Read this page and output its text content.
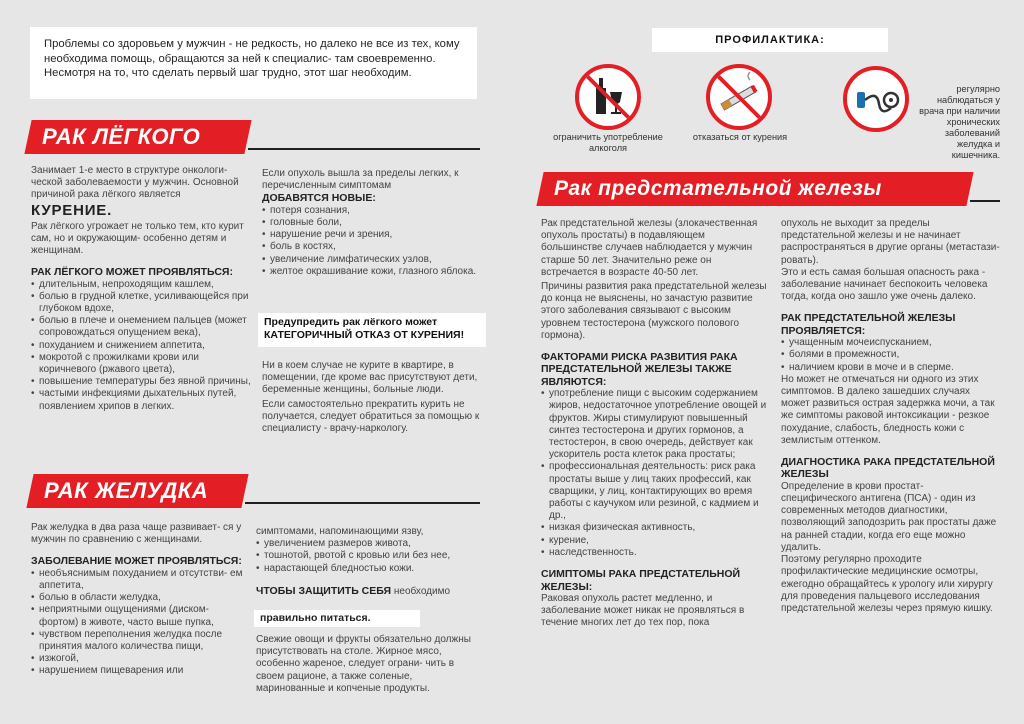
Проблемы со здоровьем у мужчин - не редкость, но далеко не все из тех, кому необходима помощь, обращаются за ней к специалис- там своевременно. Несмотря на то, что сделать первый шаг трудно, этот шаг необходим.

ПРОФИЛАКТИКА:
ограничить употребление алкоголя
отказаться от курения
регулярно наблюдаться у врача при наличии хронических заболеваний желудка и кишечника.
РАК ЛЁГКОГО

Занимает 1-е место в структуре онкологи- ческой заболеваемости у мужчин. Основной причиной рака лёгкого является

КУРЕНИЕ.

Рак лёгкого угрожает не только тем, кто курит сам, но и окружающим- особенно детям и женщинам.

РАК ЛЁГКОГО МОЖЕТ ПРОЯВЛЯТЬСЯ:

• длительным, непроходящим кашлем,

• болью в грудной клетке, усиливающейся при глубоком вдохе,

• болью в плече и онемением пальцев (может сопровождаться опущением века),

• похуданием и снижением аппетита,

• мокротой с прожилками крови или коричневого (ржавого цвета),

• повышение температуры без явной причины,

• частыми инфекциями дыхательных путей, появлением хрипов в легких.

Если опухоль вышла за пределы легких, к перечисленным симптомам

ДОБАВЯТСЯ НОВЫЕ:

• потеря сознания,

• головные боли,

• нарушение речи и зрения,

• боль в костях,

• увеличение лимфатических узлов,

• желтое окрашивание кожи, глазного яблока.

Предупредить рак лёгкого может

КАТЕГОРИЧНЫЙ ОТКАЗ ОТ КУРЕНИЯ!

Ни в коем случае не курите в квартире, в помещении, где кроме вас присутствуют дети, беременные женщины, больные люди.

Если самостоятельно прекратить курить не получается, следует обратиться за помощью к специалисту - врачу-наркологу.

РАК ЖЕЛУДКА

Рак желудка в два раза чаще развивает- ся у мужчин по сравнению с женщинами.

ЗАБОЛЕВАНИЕ МОЖЕТ ПРОЯВЛЯТЬСЯ:

• необъяснимым похуданием и отсутстви- ем аппетита,

• болью в области желудка,

• неприятными ощущениями (диском- фортом) в животе, часто выше пупка,

• чувством переполнения желудка после принятия малого количества пищи,

• изжогой,

• нарушением пищеварения или

симптомами, напоминающими язву,

• увеличением размеров живота,

• тошнотой, рвотой с кровью или без нее,

• нарастающей бледностью кожи.

ЧТОБЫ ЗАЩИТИТЬ СЕБЯ необходимо

правильно питаться.

Свежие овощи и фрукты обязательно должны присутствовать на столе. Жирное мясо, особенно жареное, следует ограни- чить в своем рационе, а также соленые, маринованные и копченые продукты.

Рак предстательной железы

Рак предстательной железы (злокачественная опухоль простаты) в подавляющем большинстве случаев наблюдается у мужчин старше 50 лет. Значительно реже он встречается в возрасте 40-50 лет.

Причины развития рака предстательной железы до конца не выяснены, но зачастую развитие этого заболевания связывают с высоким уровнем тестостерона (мужского полового гормона).

ФАКТОРАМИ РИСКА РАЗВИТИЯ РАКА ПРЕДСТАТЕЛЬНОЙ ЖЕЛЕЗЫ ТАКЖЕ ЯВЛЯЮТСЯ:

• употребление пищи с высоким содержанием жиров, недостаточное употребление овощей и фруктов. Жиры стимулируют повышенный синтез тестостерона и других гормонов, а тестостерон, в свою очередь, действует как ускоритель роста клеток рака простаты;

• профессиональная деятельность: риск рака простаты выше у лиц таких профессий, как сварщики, у лиц, контактирующих во время работы с каучуком или резиной, с кадмием и др.,

• низкая физическая активность,

• курение,

• наследственность.

СИМПТОМЫ РАКА ПРЕДСТАТЕЛЬНОЙ ЖЕЛЕЗЫ:

Раковая опухоль растет медленно, и заболевание может никак не проявляться в течение многих лет до тех пор, пока

опухоль не выходит за пределы предстательной железы и не начинает распространяться в другие органы (метастази-ровать).

Это и есть самая большая опасность рака - заболевание начинает беспокоить человека тогда, когда оно зашло уже очень далеко.

РАК ПРЕДСТАТЕЛЬНОЙ ЖЕЛЕЗЫ ПРОЯВЛЯЕТСЯ:

• учащенным мочеиспусканием,

• болями в промежности,

• наличием крови в моче и в сперме.

Но может не отмечаться ни одного из этих симптомов. В далеко зашедших случаях может развиться острая задержка мочи, а так же симптомы раковой интоксикации - резкое похудание, слабость, бледность кожи с землистым оттенком.

ДИАГНОСТИКА РАКА ПРЕДСТАТЕЛЬНОЙ ЖЕЛЕЗЫ

Определение в крови простат- специфического антигена (ПСА) - один из современных методов диагностики, позволяющий заподозрить рак простаты даже на ранней стадии, когда его еще можно удалить.

Поэтому регулярно проходите профилактические медицинские осмотры, ежегодно обращайтесь к урологу или хирургу для проведения пальцевого исследования предстательной железы через прямую кишку.
